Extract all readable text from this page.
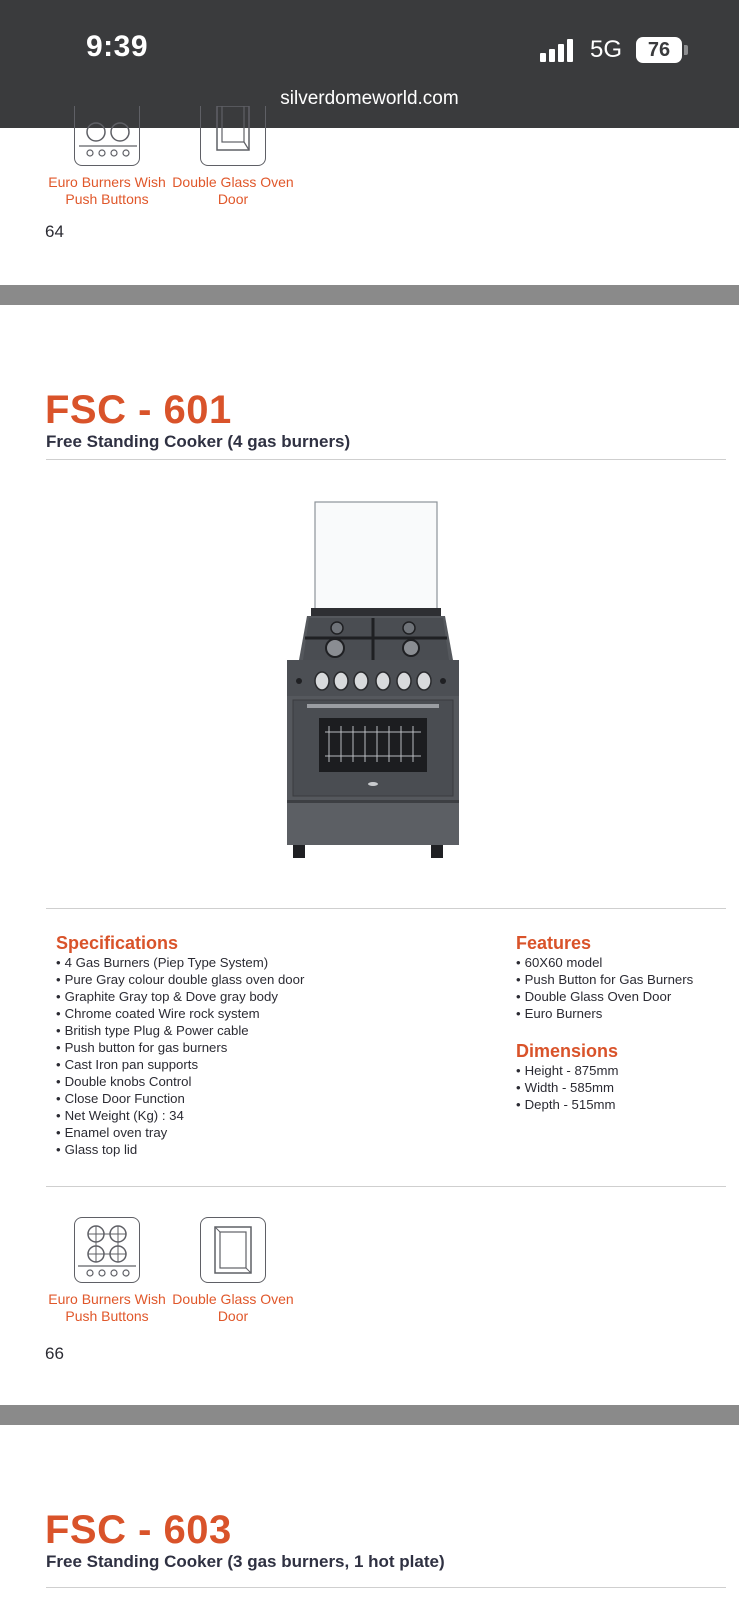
9:39	5G	76
silverdomeworld.com
Euro Burners Wish Push Buttons
Double Glass Oven Door
64
FSC - 601
Free Standing Cooker (4 gas burners)
Specifications
• 4 Gas Burners (Piep Type System)
• Pure Gray colour double glass oven door
• Graphite Gray top & Dove gray body
• Chrome coated Wire rock system
• British type Plug & Power cable
• Push button for gas burners
• Cast Iron pan supports
• Double knobs Control
• Close Door Function
• Net Weight (Kg) : 34
• Enamel oven tray
• Glass top lid
Features
• 60X60 model
• Push Button for Gas Burners
• Double Glass Oven Door
• Euro Burners
Dimensions
• Height - 875mm
• Width - 585mm
• Depth - 515mm
Euro Burners Wish Push Buttons
Double Glass Oven Door
66
FSC - 603
Free Standing Cooker (3 gas burners, 1 hot plate)
